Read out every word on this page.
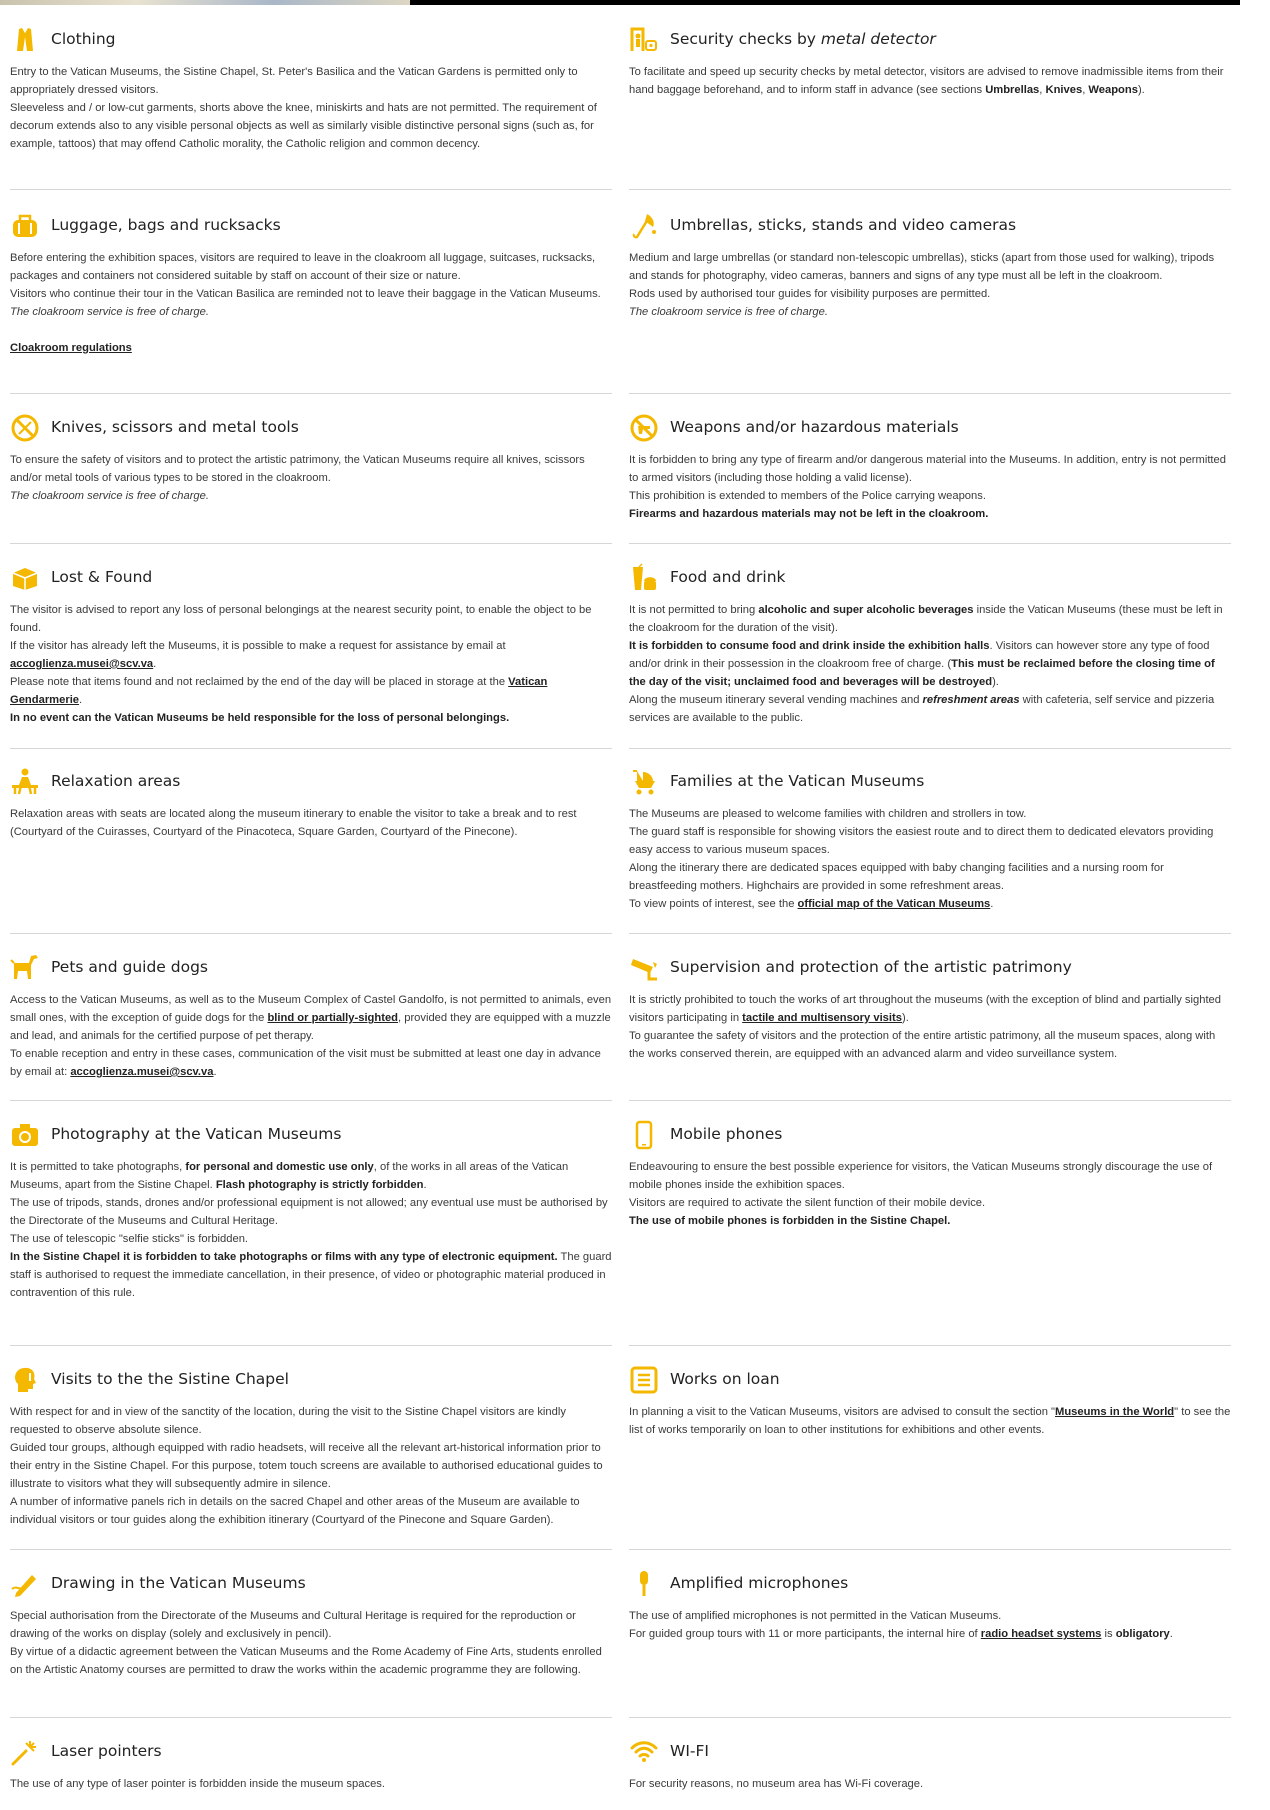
Clothing

Entry to the Vatican Museums, the Sistine Chapel, St. Peter's Basilica and the Vatican Gardens is permitted only to appropriately dressed visitors.

Sleeveless and / or low-cut garments, shorts above the knee, miniskirts and hats are not permitted. The requirement of decorum extends also to any visible personal objects as well as similarly visible distinctive personal signs (such as, for example, tattoos) that may offend Catholic morality, the Catholic religion and common decency.

Security checks by metal detector

To facilitate and speed up security checks by metal detector, visitors are advised to remove inadmissible items from their hand baggage beforehand, and to inform staff in advance (see sections Umbrellas, Knives, Weapons).

Luggage, bags and rucksacks

Before entering the exhibition spaces, visitors are required to leave in the cloakroom all luggage, suitcases, rucksacks, packages and containers not considered suitable by staff on account of their size or nature.

Visitors who continue their tour in the Vatican Basilica are reminded not to leave their baggage in the Vatican Museums.

The cloakroom service is free of charge.

Cloakroom regulations

Umbrellas, sticks, stands and video cameras

Medium and large umbrellas (or standard non-telescopic umbrellas), sticks (apart from those used for walking), tripods and stands for photography, video cameras, banners and signs of any type must all be left in the cloakroom.

Rods used by authorised tour guides for visibility purposes are permitted.

The cloakroom service is free of charge.

Knives, scissors and metal tools

To ensure the safety of visitors and to protect the artistic patrimony, the Vatican Museums require all knives, scissors and/or metal tools of various types to be stored in the cloakroom.

The cloakroom service is free of charge.

Weapons and/or hazardous materials

It is forbidden to bring any type of firearm and/or dangerous material into the Museums. In addition, entry is not permitted to armed visitors (including those holding a valid license).

This prohibition is extended to members of the Police carrying weapons.

Firearms and hazardous materials may not be left in the cloakroom.

Lost & Found

The visitor is advised to report any loss of personal belongings at the nearest security point, to enable the object to be found.

If the visitor has already left the Museums, it is possible to make a request for assistance by email at

accoglienza.musei@scv.va.

Please note that items found and not reclaimed by the end of the day will be placed in storage at the Vatican Gendarmerie.

In no event can the Vatican Museums be held responsible for the loss of personal belongings.

Food and drink

It is not permitted to bring alcoholic and super alcoholic beverages inside the Vatican Museums (these must be left in the cloakroom for the duration of the visit).

It is forbidden to consume food and drink inside the exhibition halls. Visitors can however store any type of food and/or drink in their possession in the cloakroom free of charge. (This must be reclaimed before the closing time of the day of the visit; unclaimed food and beverages will be destroyed).

Along the museum itinerary several vending machines and refreshment areas with cafeteria, self service and pizzeria services are available to the public.

Relaxation areas

Relaxation areas with seats are located along the museum itinerary to enable the visitor to take a break and to rest (Courtyard of the Cuirasses, Courtyard of the Pinacoteca, Square Garden, Courtyard of the Pinecone).

Families at the Vatican Museums

The Museums are pleased to welcome families with children and strollers in tow.

The guard staff is responsible for showing visitors the easiest route and to direct them to dedicated elevators providing easy access to various museum spaces.

Along the itinerary there are dedicated spaces equipped with baby changing facilities and a nursing room for breastfeeding mothers. Highchairs are provided in some refreshment areas.

To view points of interest, see the official map of the Vatican Museums.

Pets and guide dogs

Access to the Vatican Museums, as well as to the Museum Complex of Castel Gandolfo, is not permitted to animals, even small ones, with the exception of guide dogs for the blind or partially-sighted, provided they are equipped with a muzzle and lead, and animals for the certified purpose of pet therapy.

To enable reception and entry in these cases, communication of the visit must be submitted at least one day in advance by email at: accoglienza.musei@scv.va.

Supervision and protection of the artistic patrimony

It is strictly prohibited to touch the works of art throughout the museums (with the exception of blind and partially sighted visitors participating in tactile and multisensory visits).

To guarantee the safety of visitors and the protection of the entire artistic patrimony, all the museum spaces, along with the works conserved therein, are equipped with an advanced alarm and video surveillance system.

Photography at the Vatican Museums

It is permitted to take photographs, for personal and domestic use only, of the works in all areas of the Vatican Museums, apart from the Sistine Chapel. Flash photography is strictly forbidden.

The use of tripods, stands, drones and/or professional equipment is not allowed; any eventual use must be authorised by the Directorate of the Museums and Cultural Heritage.

The use of telescopic "selfie sticks" is forbidden.

In the Sistine Chapel it is forbidden to take photographs or films with any type of electronic equipment. The guard staff is authorised to request the immediate cancellation, in their presence, of video or photographic material produced in contravention of this rule.

Mobile phones

Endeavouring to ensure the best possible experience for visitors, the Vatican Museums strongly discourage the use of mobile phones inside the exhibition spaces.

Visitors are required to activate the silent function of their mobile device.

The use of mobile phones is forbidden in the Sistine Chapel.

Visits to the the Sistine Chapel

With respect for and in view of the sanctity of the location, during the visit to the Sistine Chapel visitors are kindly requested to observe absolute silence.

Guided tour groups, although equipped with radio headsets, will receive all the relevant art-historical information prior to their entry in the Sistine Chapel. For this purpose, totem touch screens are available to authorised educational guides to illustrate to visitors what they will subsequently admire in silence.

A number of informative panels rich in details on the sacred Chapel and other areas of the Museum are available to individual visitors or tour guides along the exhibition itinerary (Courtyard of the Pinecone and Square Garden).

Works on loan

In planning a visit to the Vatican Museums, visitors are advised to consult the section "Museums in the World" to see the list of works temporarily on loan to other institutions for exhibitions and other events.

Drawing in the Vatican Museums

Special authorisation from the Directorate of the Museums and Cultural Heritage is required for the reproduction or drawing of the works on display (solely and exclusively in pencil).

By virtue of a didactic agreement between the Vatican Museums and the Rome Academy of Fine Arts, students enrolled on the Artistic Anatomy courses are permitted to draw the works within the academic programme they are following.

Amplified microphones

The use of amplified microphones is not permitted in the Vatican Museums.

For guided group tours with 11 or more participants, the internal hire of radio headset systems is obligatory.

Laser pointers

The use of any type of laser pointer is forbidden inside the museum spaces.

WI-FI

For security reasons, no museum area has Wi-Fi coverage.
